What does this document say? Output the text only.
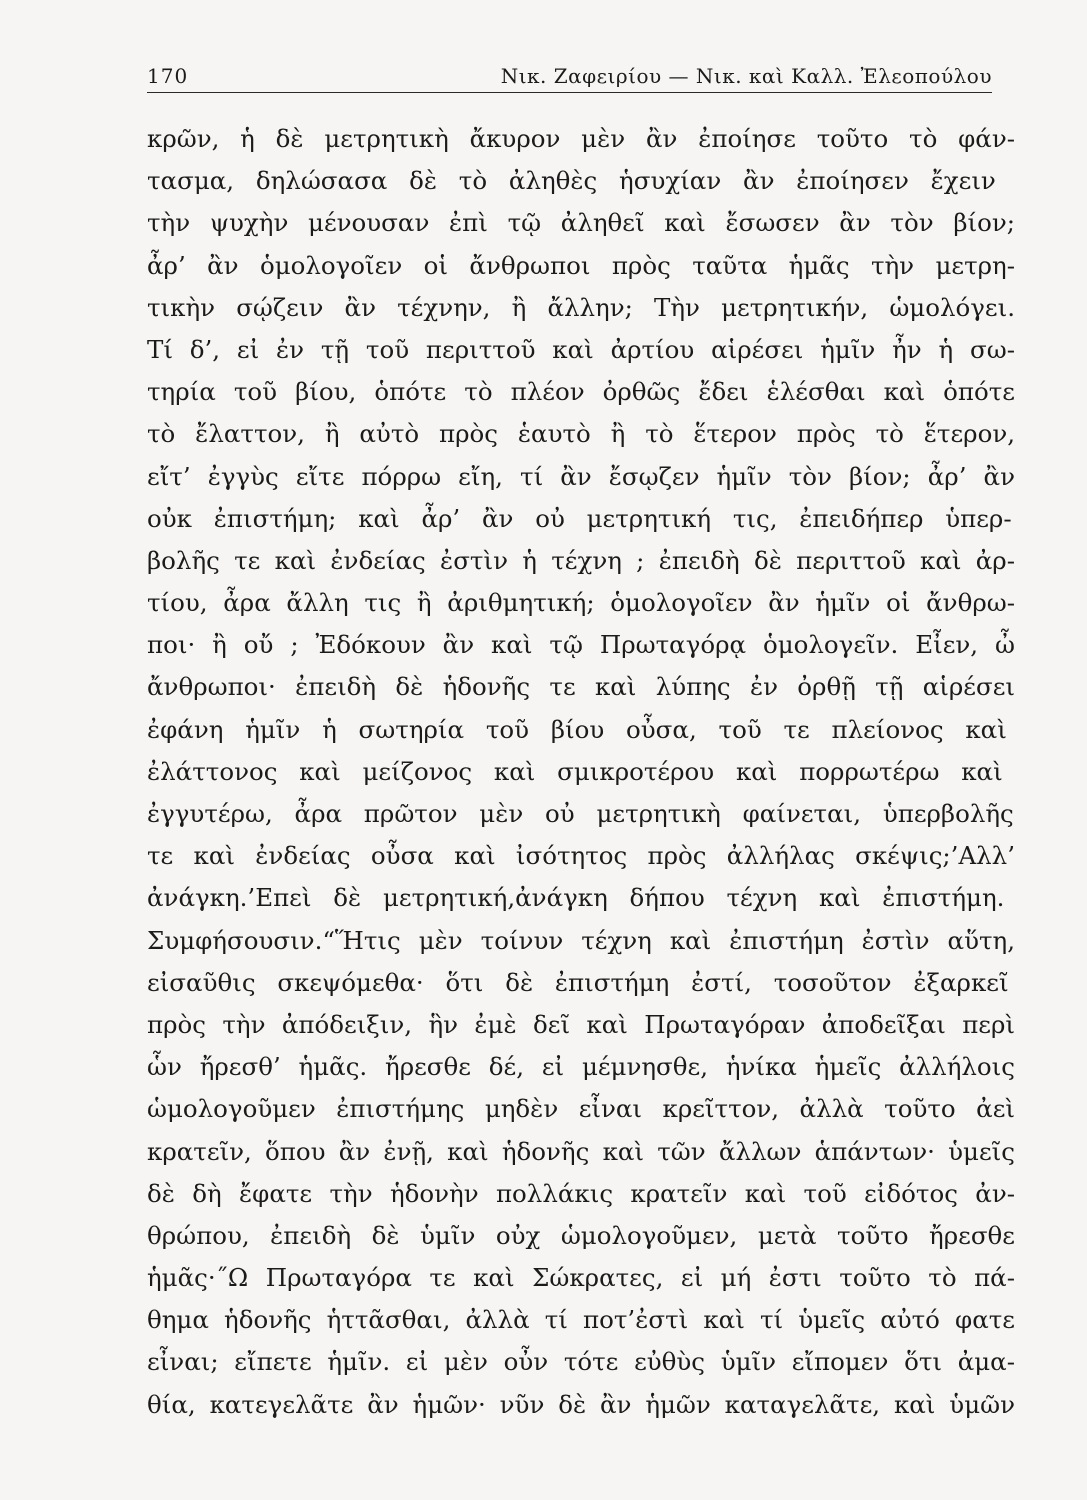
170	Νικ. Ζαφειρίου — Νικ. καὶ Καλλ. Ἐλεοπούλου
κρῶν, ἡ δὲ μετρητικὴ ἄκυρον μὲν ἂν ἐποίησε τοῦτο τὸ φάν-
τασμα, δηλώσασα δὲ τὸ ἀληθὲς ἡσυχίαν ἂν ἐποίησεν ἔχειν
τὴν ψυχὴν μένουσαν ἐπὶ τῷ ἀληθεῖ καὶ ἔσωσεν ἂν τὸν βίον;
ἆρ’ ἂν ὁμολογοῖεν οἱ ἄνθρωποι πρὸς ταῦτα ἡμᾶς τὴν μετρη-
τικὴν σῴζειν ἂν τέχνην, ἢ ἄλλην; Τὴν μετρητικήν, ὡμολόγει.
Τί δ’, εἰ ἐν τῇ τοῦ περιττοῦ καὶ ἀρτίου αἱρέσει ἡμῖν ἦν ἡ σω-
τηρία τοῦ βίου, ὁπότε τὸ πλέον ὀρθῶς ἔδει ἑλέσθαι καὶ ὁπότε
τὸ ἔλαττον, ἢ αὐτὸ πρὸς ἑαυτὸ ἢ τὸ ἕτερον πρὸς τὸ ἕτερον,
εἴτ’ ἐγγὺς εἴτε πόρρω εἴη, τί ἂν ἔσῳζεν ἡμῖν τὸν βίον; ἆρ’ ἂν
οὐκ ἐπιστήμη; καὶ ἆρ’ ἂν οὐ μετρητική τις, ἐπειδήπερ ὑπερ-
βολῆς τε καὶ ἐνδείας ἐστὶν ἡ τέχνη ; ἐπειδὴ δὲ περιττοῦ καὶ ἀρ-
τίου, ἆρα ἄλλη τις ἢ ἀριθμητική; ὁμολογοῖεν ἂν ἡμῖν οἱ ἄνθρω-
ποι· ἢ οὔ ; Ἐδόκουν ἂν καὶ τῷ Πρωταγόρᾳ ὁμολογεῖν. Εἶεν, ὦ
ἄνθρωποι· ἐπειδὴ δὲ ἡδονῆς τε καὶ λύπης ἐν ὀρθῇ τῇ αἱρέσει
ἐφάνη ἡμῖν ἡ σωτηρία τοῦ βίου οὖσα, τοῦ τε πλείονος καὶ
ἐλάττονος καὶ μείζονος καὶ σμικροτέρου καὶ πορρωτέρω καὶ
ἐγγυτέρω, ἆρα πρῶτον μὲν οὐ μετρητικὴ φαίνεται, ὑπερβολῆς
τε καὶ ἐνδείας οὖσα καὶ ἰσότητος πρὸς ἀλλήλας σκέψις;’Αλλ’
ἀνάγκη.’Επεὶ δὲ μετρητική,ἀνάγκη δήπου τέχνη καὶ ἐπιστήμη.
Συμφήσουσιν.“Ἥτις μὲν τοίνυν τέχνη καὶ ἐπιστήμη ἐστὶν αὕτη,
εἰσαῦθις σκεψόμεθα· ὅτι δὲ ἐπιστήμη ἐστί, τοσοῦτον ἐξαρκεῖ
πρὸς τὴν ἀπόδειξιν, ἣν ἐμὲ δεῖ καὶ Πρωταγόραν ἀποδεῖξαι περὶ
ὧν ἤρεσθ’ ἡμᾶς. ἤρεσθε δέ, εἰ μέμνησθε, ἡνίκα ἡμεῖς ἀλλήλοις
ὡμολογοῦμεν ἐπιστήμης μηδὲν εἶναι κρεῖττον, ἀλλὰ τοῦτο ἀεὶ
κρατεῖν, ὅπου ἂν ἐνῇ, καὶ ἡδονῆς καὶ τῶν ἄλλων ἁπάντων· ὑμεῖς
δὲ δὴ ἔφατε τὴν ἡδονὴν πολλάκις κρατεῖν καὶ τοῦ εἰδότος ἀν-
θρώπου, ἐπειδὴ δὲ ὑμῖν οὐχ ὡμολογοῦμεν, μετὰ τοῦτο ἤρεσθε
ἡμᾶς·˝Ω Πρωταγόρα τε καὶ Σώκρατες, εἰ μή ἐστι τοῦτο τὸ πά-
θημα ἡδονῆς ἡττᾶσθαι, ἀλλὰ τί ποτ’ἐστὶ καὶ τί ὑμεῖς αὐτό φατε
εἶναι; εἴπετε ἡμῖν. εἰ μὲν οὖν τότε εὐθὺς ὑμῖν εἴπομεν ὅτι ἀμα-
θία, κατεγελᾶτε ἂν ἡμῶν· νῦν δὲ ἂν ἡμῶν καταγελᾶτε, καὶ ὑμῶν
